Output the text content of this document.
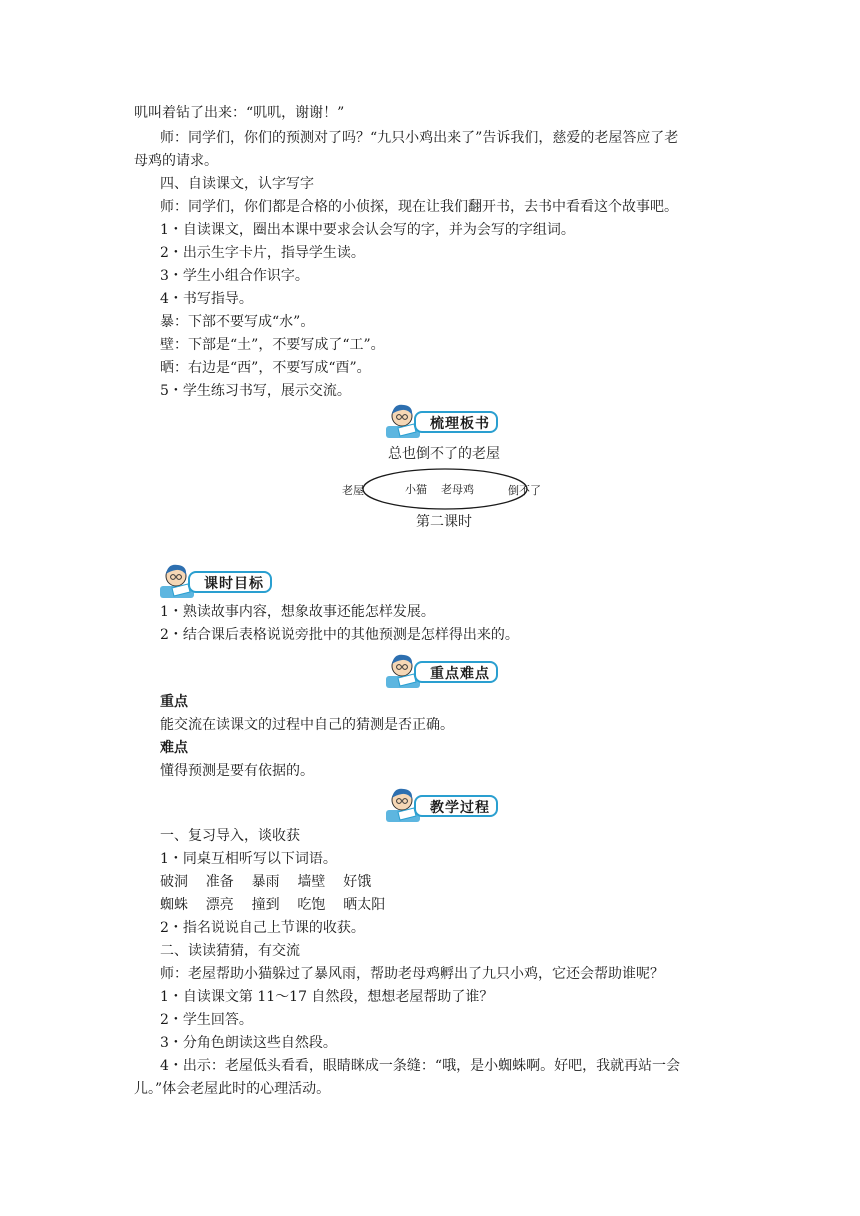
叽叫着钻了出来：“叽叽，谢谢！”
师：同学们，你们的预测对了吗？“九只小鸡出来了”告诉我们，慈爱的老屋答应了老
母鸡的请求。
四、自读课文，认字写字
师：同学们，你们都是合格的小侦探，现在让我们翻开书，去书中看看这个故事吧。
1・自读课文，圈出本课中要求会认会写的字，并为会写的字组词。
2・出示生字卡片，指导学生读。
3・学生小组合作识字。
4・书写指导。
暴：下部不要写成“水”。
壁：下部是“土”，不要写成了“工”。
晒：右边是“西”，不要写成“酉”。
5・学生练习书写，展示交流。
梳理板书
总也倒不了的老屋
老屋	小猫    老母鸡	倒不了
第二课时
课时目标
1・熟读故事内容，想象故事还能怎样发展。
2・结合课后表格说说旁批中的其他预测是怎样得出来的。
重点难点
重点
能交流在读课文的过程中自己的猜测是否正确。
难点
懂得预测是要有依据的。
教学过程
一、复习导入，谈收获
1・同桌互相听写以下词语。
破洞    准备    暴雨    墙壁    好饿
蜘蛛    漂亮    撞到    吃饱    晒太阳
2・指名说说自己上节课的收获。
二、读读猜猜，有交流
师：老屋帮助小猫躲过了暴风雨，帮助老母鸡孵出了九只小鸡，它还会帮助谁呢？
1・自读课文第 11～17 自然段，想想老屋帮助了谁？
2・学生回答。
3・分角色朗读这些自然段。
4・出示：老屋低头看看，眼睛眯成一条缝：“哦，是小蜘蛛啊。好吧，我就再站一会
儿。”体会老屋此时的心理活动。
